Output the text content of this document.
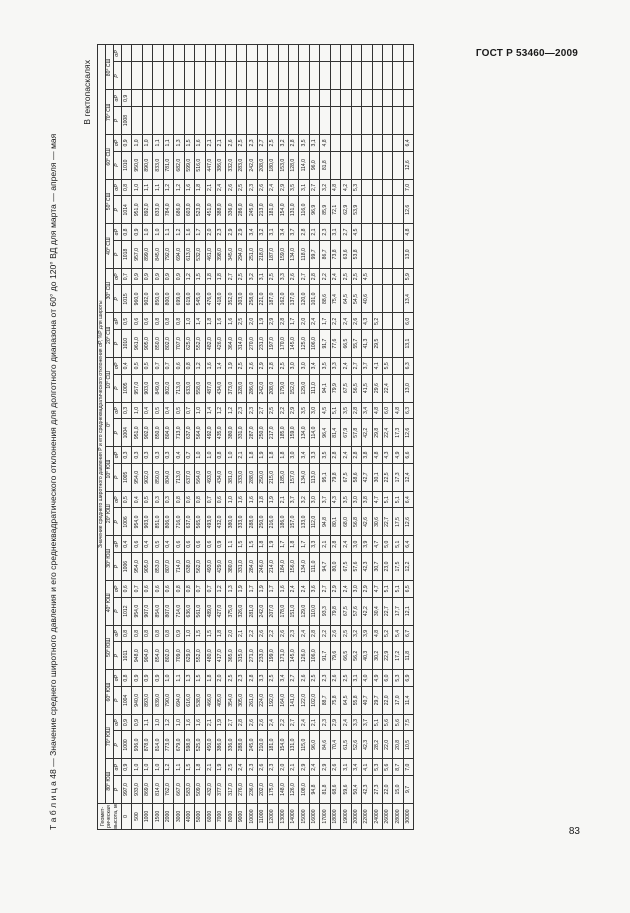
ГОСТ Р 53460—2009
Т а б л и ц а 48 — Значение среднего широтного давления и его среднеквадратического отклонения для долготного диапазона от 60° до 120° ВД для марта — апреля — мая
В гектопаскалях
Геомет-рическая высота, м	Значение среднего широтного давления P и его среднеквадратического отклонения σP, %P для широты																																	
	80° ЮШ		70° ЮШ		60° ЮШ		50° ЮШ		40° ЮШ		30° ЮШ		20° ЮШ		10° ЮШ		0°		10° СШ		20° СШ		30° СШ		40° СШ		50° СШ		60° СШ		70° СШ		80° СШ	
	P	σP	P	σP	P	σP	P	σP	P	σP	P	σP	P	σP	P	σP	P	σP	P	σP	P	σP	P	σP	P	σP	P	σP	P	σP	P	σP	P	σP
0	997,0	0,9	1000	0,9	1004	0,8	1011	0,8	1012	0,6	1006	0,4	1006	0,5	1005	0,3	1004	0,3	1005	0,4	1010	0,5	1015	0,7	1018	0,8	1014	0,8	1010	0,9	1008	0,9		
500	933,0	1,0	936,0	0,9	940,0	0,9	948,0	0,8	954,0	0,7	954,0	0,6	954,0	0,4	954,0	0,3	951,0	1,0	957,0	0,5	961,0	0,6	960,0	0,9	957,0	0,9	951,0	1,0	950,0	1,0				
1000	869,0	1,0	878,0	1,1	893,0	0,9	904,0	0,8	907,0	0,6	905,0	0,4	903,0	0,5	902,0	0,3	902,0	0,4	903,0	0,5	905,0	0,6	902,0	0,9	899,0	1,0	892,0	1,1	890,0	1,0				
1500	814,0	1,0	814,0	1,0	839,0	0,9	854,0	0,8	854,0	0,6	853,0	0,5	851,0	0,3	850,0	0,3	850,0	0,5	849,0	0,7	850,0	0,8	850,0	0,9	845,0	1,0	833,0	1,1	833,0	1,1				
2000	762,0	1,2	773,0	1,2	790,0	1,0	802,0	0,8	807,0	0,6	807,0	0,4	806,0	0,3	804,0	0,3	804,0	0,4	802,0	0,7	802,0	0,8	800,0	0,9	792,0	1,1	784,0	1,2	781,0	1,1				
3000	667,0	1,1	679,0	1,0	694,0	1,1	709,0	0,9	714,0	0,8	714,0	0,6	716,0	0,8	713,0	0,4	713,0	0,5	713,0	0,6	707,0	0,8	699,0	0,9	694,0	1,2	686,0	1,2	682,0	1,3				
4000	583,0	1,5	598,0	1,6	616,0	1,3	629,0	1,0	636,0	0,8	638,0	0,6	637,0	0,6	637,0	0,7	637,0	0,7	633,0	0,8	625,0	1,0	619,0	1,2	613,0	1,6	603,0	1,6	599,0	1,5				
5000	509,0	1,8	525,0	1,6	538,0	1,5	552,0	1,5	561,0	0,7	562,0	0,6	565,0	0,8	564,0	1,0	564,0	1,0	558,0	1,2	552,0	1,4	545,0	1,5	532,0	1,7	523,0	1,8	516,0	1,6				
6000	432,0	2,1	450,0	2,1	466,0	1,8	480,0	1,5	489,0	0,7	493,0	0,6	493,0	0,7	493,0	1,0	492,0	1,4	487,0	1,6	482,0	1,8	476,0	1,8	461,0	2,0	451,0	2,1	447,0	2,1				
7000	377,0	1,9	386,0	1,9	405,0	2,0	417,0	1,8	427,0	1,2	429,0	0,9	432,0	0,6	434,0	0,8	435,0	1,2	434,0	1,4	426,0	1,6	418,0	1,8	398,0	2,3	388,0	2,4	386,0	2,1				
8000	317,0	2,5	336,0	2,7	354,0	2,5	365,0	2,0	375,0	1,3	380,0	1,1	380,0	1,0	381,0	1,0	380,0	1,2	373,0	1,9	364,0	1,6	352,0	2,7	345,0	2,9	336,0	2,6	332,0	2,6				
9000	276,0	2,4	288,0	2,8	305,0	2,3	315,0	2,1	326,0	1,9	331,0	1,5	333,0	1,6	333,0	2,1	331,0	2,3	328,0	2,5	314,0	2,5	303,0	2,5	294,0	2,9	286,0	2,5	283,0	2,5				
10000	236,0	2,3	245,0	2,6	261,0	2,8	271,0	2,2	281,0	1,7	284,0	1,5	288,0	1,6	288,0	1,8	287,0	2,3	286,0	2,6	270,0	2,0	258,0	3,2	251,0	3,4	245,0	2,3	242,0	2,3				
11000	202,0	2,6	210,0	2,6	224,0	3,3	233,0	2,6	242,0	1,9	246,0	1,8	250,0	1,8	250,0	1,9	250,0	2,7	242,0	2,9	231,0	1,9	221,0	3,1	218,0	3,2	213,0	2,6	208,0	2,7				
12000	175,0	2,3	181,0	2,4	192,0	2,5	199,0	2,2	207,0	1,7	214,0	1,9	216,0	1,9	215,0	1,8	217,0	2,5	208,0	2,8	197,0	2,9	187,0	2,5	187,0	3,1	181,0	2,4	180,0	2,5				
13000	148,0	2,0	154,0	2,2	164,0	3,4	171,0	2,6	178,0	1,6	184,0	1,7	186,0	2,1	185,0	1,8	185,0	2,2	179,0	2,5	170,0	2,8	162,0	3,3	159,0	3,4	154,0	2,9	153,0	3,2				
14000	126,0	2,1	131,0	2,7	141,0	2,7	145,0	2,3	151,0	2,4	156,0	1,8	157,0	3,7	157,0	3,0	159,0	2,9	152,0	3,0	145,0	1,7	137,0	2,6	134,0	3,7	131,0	3,5	128,0	2,8				
15000	108,0	2,9	115,0	2,4	122,0	2,6	126,0	2,4	129,0	2,4	134,0	1,7	133,0	3,2	134,0	3,4	134,0	3,5	129,0	3,0	125,0	2,0	120,0	2,7	118,0	2,8	116,0	3,1	114,0	3,5				
16000	94,8	2,4	96,0	2,1	102,0	2,5	106,0	2,8	110,0	3,6	111,0	3,3	112,0	3,0	113,0	3,3	114,0	3,0	111,0	3,4	106,0	2,4	101,0	2,8	99,7	2,1	96,9	2,7	96,0	3,1				
17000	81,8	2,9	84,6	2,3	88,7	2,3	91,7	2,2	93,3	2,7	94,7	2,1	94,8	3,7	95,1	3,5	96,4	4,5	94,1	3,5	91,7	1,7	88,6	2,2	86,7	2,3	85,9	3,2	81,8	4,8				
18000	68,6	2,6	70,4	2,9	75,8	2,6	79,6	2,6	79,8	2,9	80,0	2,8	80,1	4,3	79,8	2,8	81,4	5,1	79,9	3,3	77,6	2,2	75,4	2,4	73,8	3,1	72,1	4,8						
19000	59,6	3,1	61,5	2,4	64,5	2,5	66,5	2,5	67,5	2,4	67,5	2,4	68,0	3,5	67,5	2,4	67,9	3,5	67,5	2,4	66,5	2,4	64,5	2,5	63,6	2,7	62,9	4,2						
20000	50,4	3,4	52,6	3,3	55,8	3,1	56,2	3,2	57,6	3,0	57,6	3,0	56,8	3,0	58,6	2,8	57,8	2,8	56,5	2,7	55,7	2,6	54,5	2,5	53,8	4,5	53,9	5,3						
22000	42,3	4,1	42,3	3,7	40,7	4,0	40,3	3,9	42,2	2,9	42,3	3,9	42,6	3,8	42,7	3,8	42,2	3,4	41,5	3,7	41,3	4,3	40,6	4,5										
24000	27,3	5,3	28,2	5,1	29,7	4,9	30,2	4,8	30,4	4,7	30,7	4,7	30,6	4,7	30,1	4,8	29,8	4,8	29,6	4,1	29,5	5,2												
26000	22,0	5,6	22,0	5,6	22,0	6,0	22,9	5,2	22,7	5,1	23,0	5,0	22,7	5,1	22,5	4,3	22,4	6,0	22,4	5,5														
28000	15,0	8,7	20,8	5,6	17,0	5,3	17,2	5,4	17,7	5,1	17,5	5,1	17,5	5,1	17,3	4,9	17,3	4,8																
30000	9,7	7,0	10,5	7,5	11,4	6,9	11,8	6,7	12,1	6,5	12,2	6,4	12,6	6,4	12,4	6,6	12,6	6,3	13,0	6,3	13,1	6,0	13,4	5,9	13,0	4,8	12,6	7,0	12,6	6,4				
83
